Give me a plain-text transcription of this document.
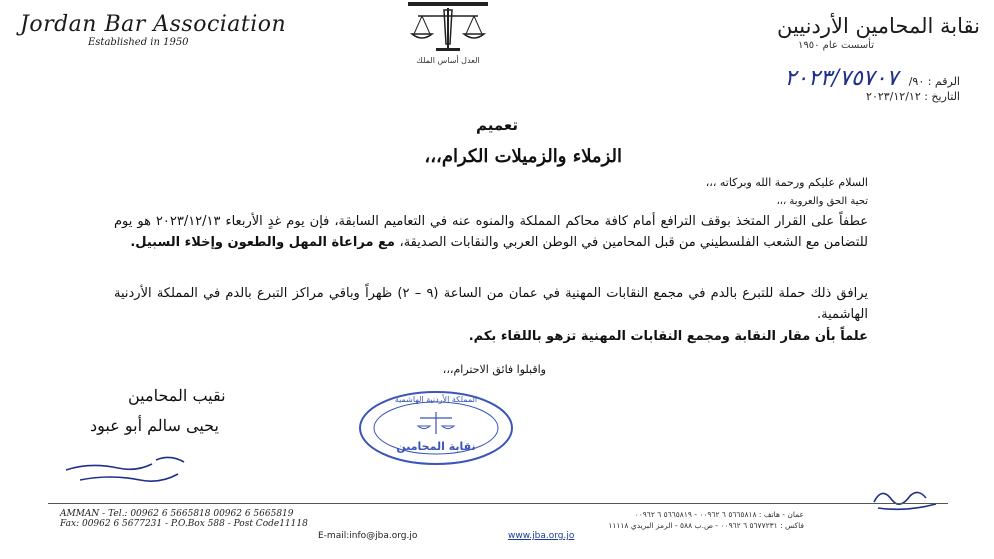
Jordan Bar Association
Established in 1950
نقابة المحامين الأردنيين
تأسست عام ١٩٥٠
العدل أساس الملك
الرقم : ٩٠/ ٢٠٢٣/٧٥٧٠٧
التاريخ : ٢٠٢٣/١٢/١٢
تعميم
الزملاء والزميلات الكرام،،،
السلام عليكم ورحمة الله وبركاته ،،،
تحية الحق والعروبة ،،،
عطفاً على القرار المتخذ بوقف الترافع أمام كافة محاكم المملكة والمنوه عنه في التعاميم السابقة، فإن يوم غدٍ الأربعاء ٢٠٢٣/١٢/١٣ هو يوم للتضامن مع الشعب الفلسطيني من قبل المحامين في الوطن العربي والنقابات الصديقة، مع مراعاة المهل والطعون وإخلاء السبيل.
يرافق ذلك حملة للتبرع بالدم في مجمع النقابات المهنية في عمان من الساعة (٩ – ٢) ظهراً وباقي مراكز التبرع بالدم في المملكة الأردنية الهاشمية.
علماً بأن مقار النقابة ومجمع النقابات المهنية تزهو باللقاء بكم.
واقبلوا فائق الاحترام،،،
نقيب المحامين
يحيى سالم أبو عبود
المملكة الأردنية الهاشمية
نقابة المحامين
AMMAN - Tel.: 00962 6 5665818 00962 6 5665819
Fax: 00962 6 5677231 - P.O.Box 588 - Post Code11118
E-mail:info@jba.org.jo	www.jba.org.jo
عمان - هاتف : ٥٦٦٥٨١٨ ٦ ٠٠٩٦٢ - ٥٦٦٥٨١٩ ٦ ٠٠٩٦٢
فاكس : ٥٦٧٧٢٣١ ٦ ٠٠٩٦٢ - ص.ب ٥٨٨ - الرمز البريدي ١١١١٨
